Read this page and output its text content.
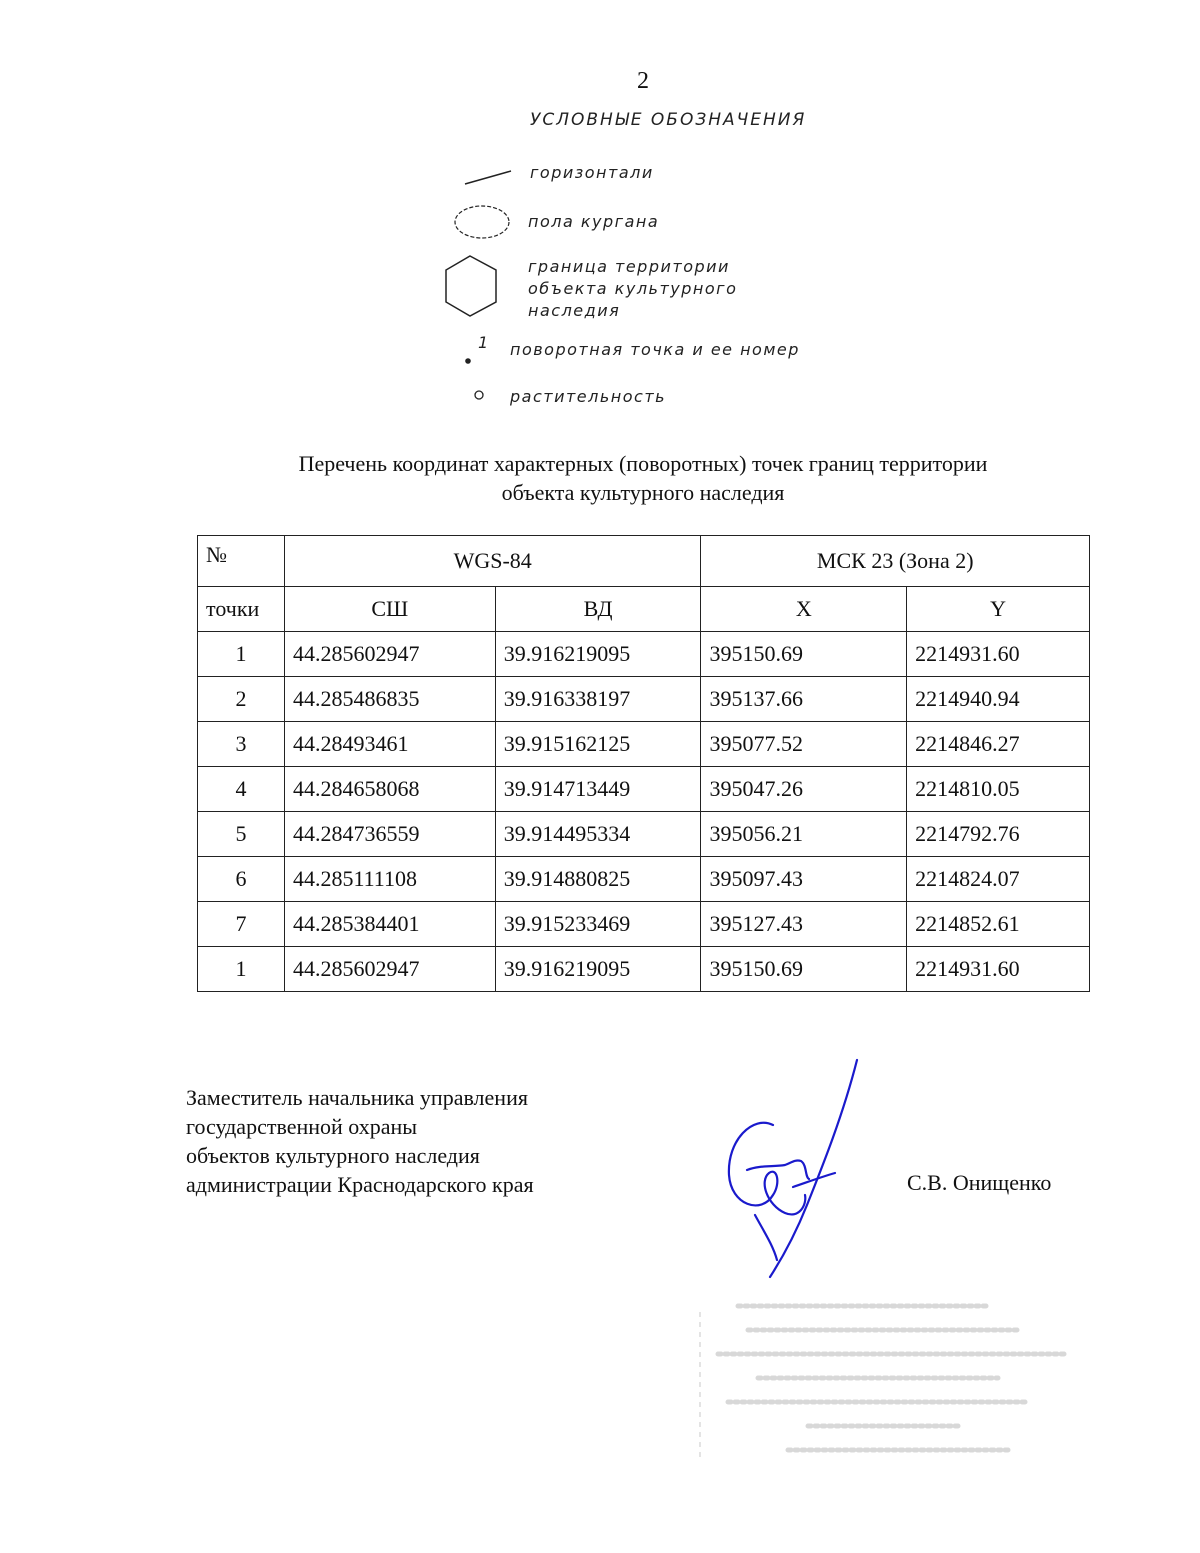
2
УСЛОВНЫЕ ОБОЗНАЧЕНИЯ
горизонтали
пола кургана
граница территории
объекта культурного
наследия
1 поворотная точка и ее номер
растительность
Перечень координат характерных (поворотных) точек границ территории
объекта культурного наследия
№	WGS-84		МСК 23 (Зона 2)	
точки	СШ	ВД	X	Y
1	44.285602947	39.916219095	395150.69	2214931.60
2	44.285486835	39.916338197	395137.66	2214940.94
3	44.28493461	39.915162125	395077.52	2214846.27
4	44.284658068	39.914713449	395047.26	2214810.05
5	44.284736559	39.914495334	395056.21	2214792.76
6	44.285111108	39.914880825	395097.43	2214824.07
7	44.285384401	39.915233469	395127.43	2214852.61
1	44.285602947	39.916219095	395150.69	2214931.60
Заместитель начальника управления
государственной охраны
объектов культурного наследия
администрации Краснодарского края	С.В. Онищенко
